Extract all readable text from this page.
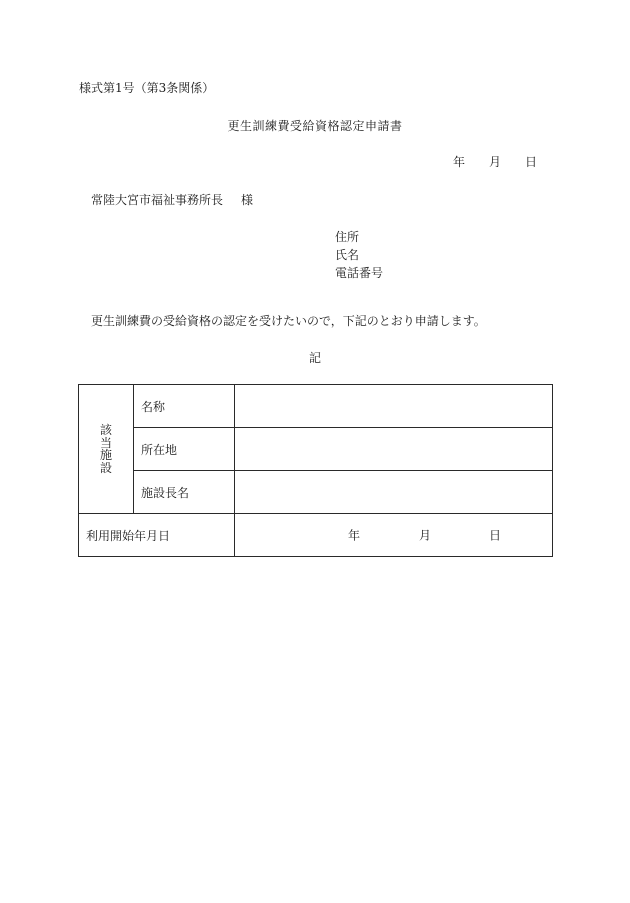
様式第1号（第3条関係）
更生訓練費受給資格認定申請書
年 月 日
常陸大宮市福祉事務所長 様
住所
氏名
電話番号
更生訓練費の受給資格の認定を受けたいので，下記のとおり申請します。
記
該
当
施
設	名称	
	所在地	
	施設長名	
利用開始年月日		年 月 日
